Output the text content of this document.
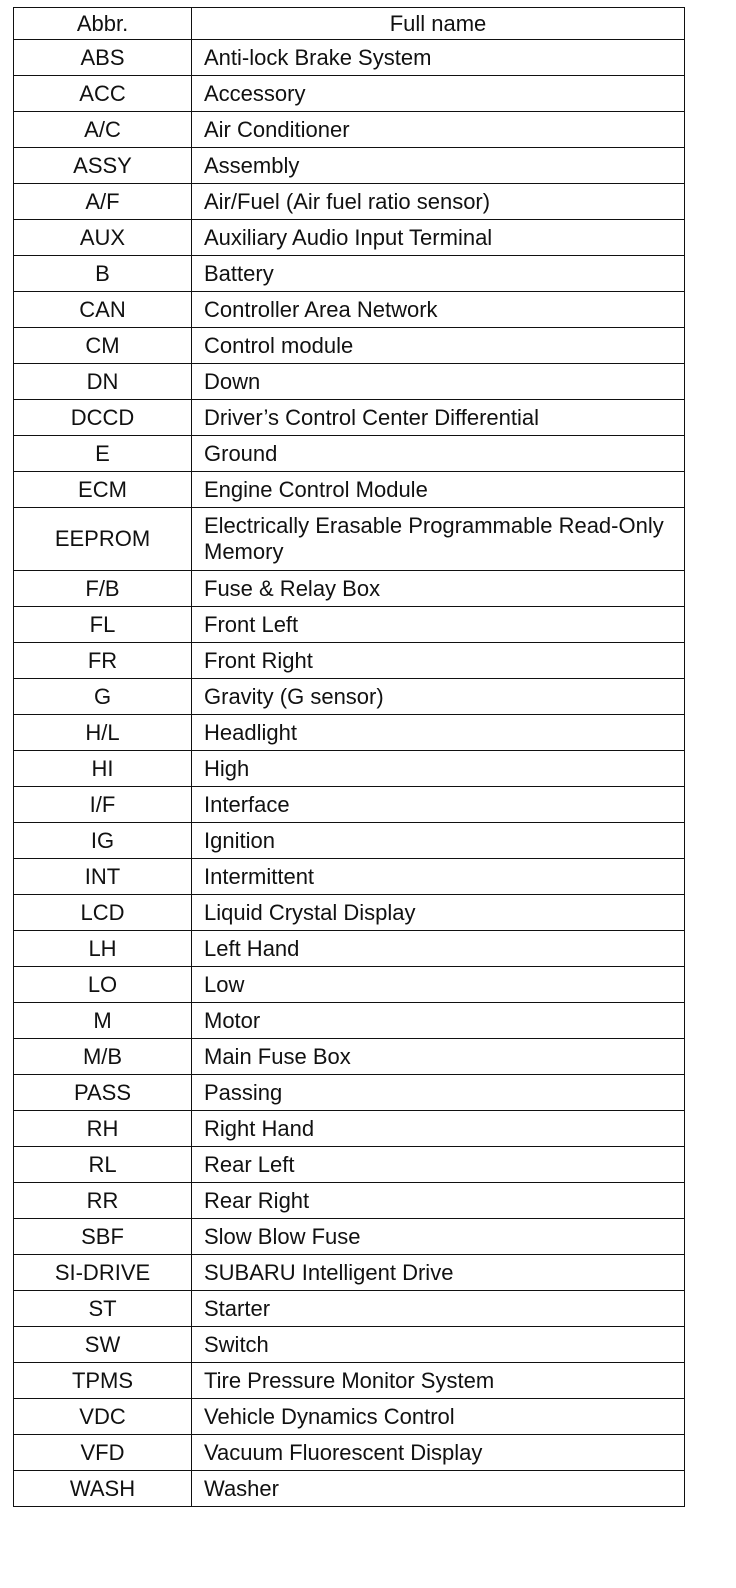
Abbr.	Full name
ABS	Anti-lock Brake System
ACC	Accessory
A/C	Air Conditioner
ASSY	Assembly
A/F	Air/Fuel (Air fuel ratio sensor)
AUX	Auxiliary Audio Input Terminal
B	Battery
CAN	Controller Area Network
CM	Control module
DN	Down
DCCD	Driver’s Control Center Differential
E	Ground
ECM	Engine Control Module
EEPROM	Electrically Erasable Programmable Read-Only Memory
F/B	Fuse & Relay Box
FL	Front Left
FR	Front Right
G	Gravity (G sensor)
H/L	Headlight
HI	High
I/F	Interface
IG	Ignition
INT	Intermittent
LCD	Liquid Crystal Display
LH	Left Hand
LO	Low
M	Motor
M/B	Main Fuse Box
PASS	Passing
RH	Right Hand
RL	Rear Left
RR	Rear Right
SBF	Slow Blow Fuse
SI-DRIVE	SUBARU Intelligent Drive
ST	Starter
SW	Switch
TPMS	Tire Pressure Monitor System
VDC	Vehicle Dynamics Control
VFD	Vacuum Fluorescent Display
WASH	Washer
